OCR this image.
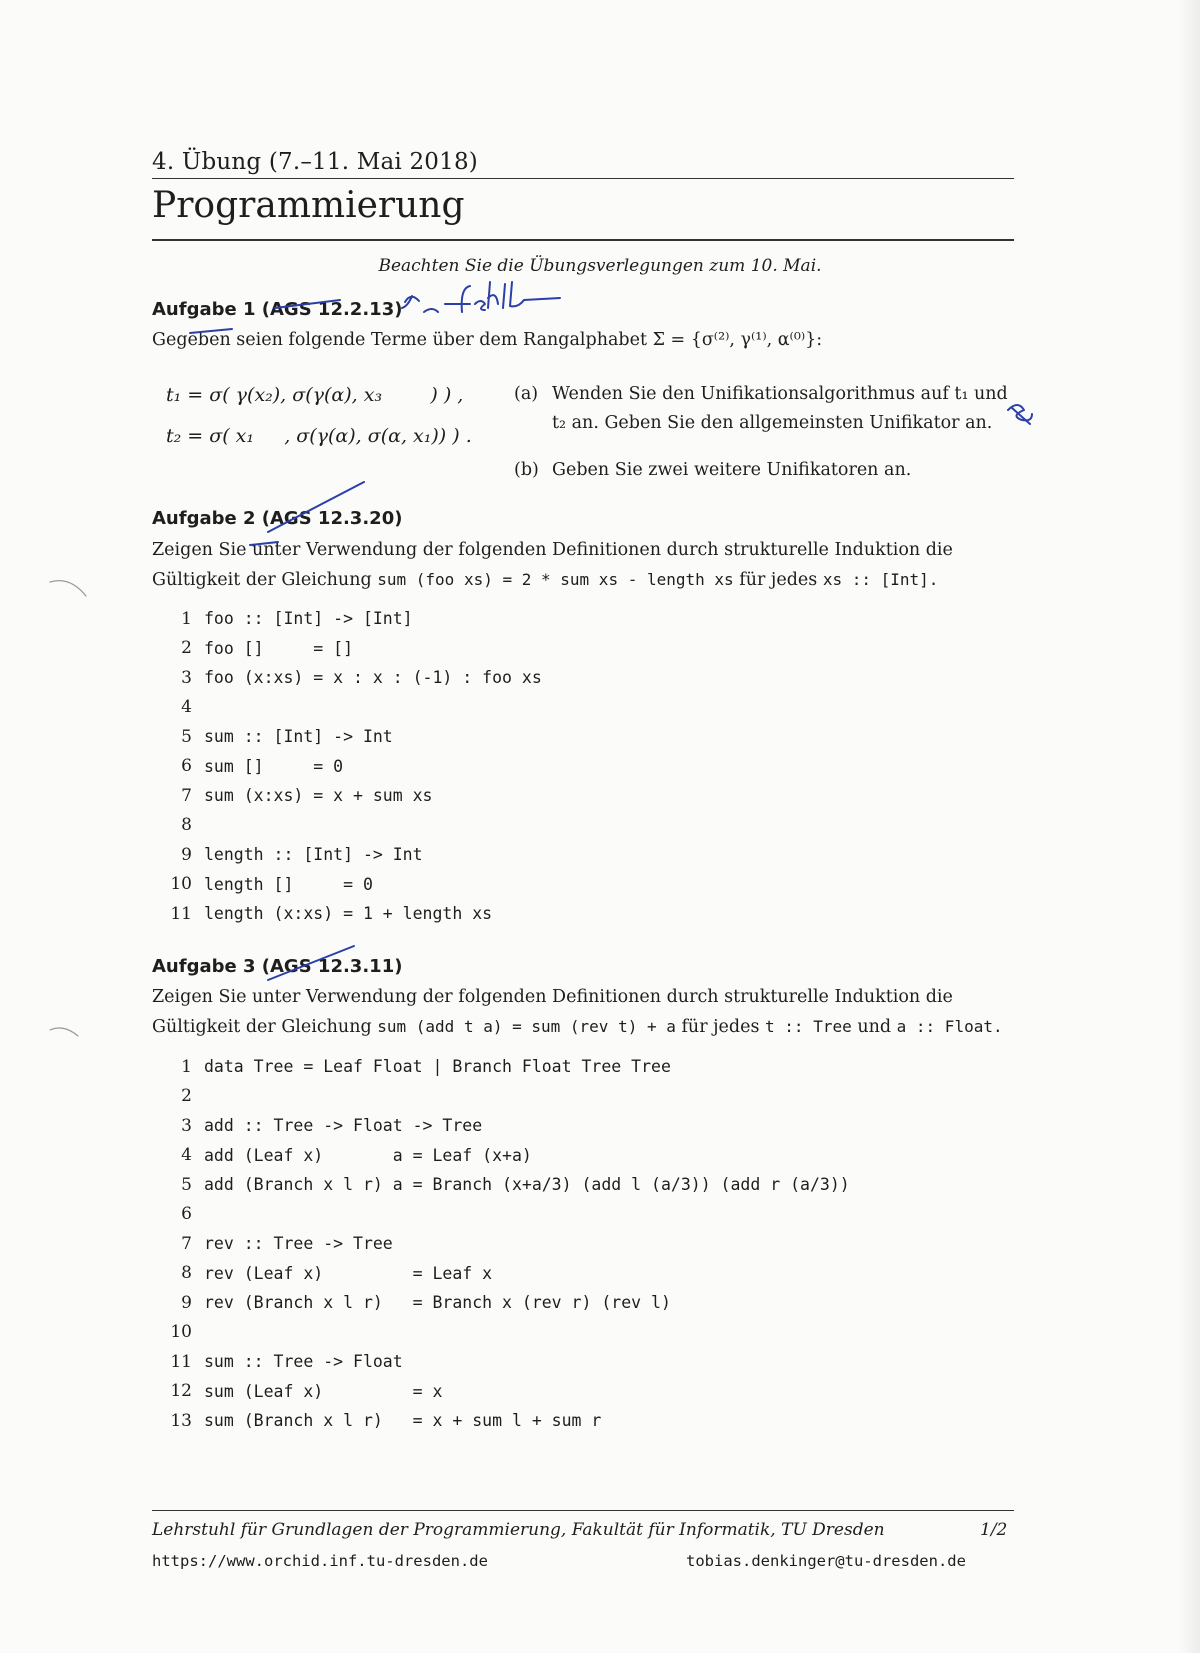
4. Übung (7.–11. Mai 2018)
Programmierung
Beachten Sie die Übungsverlegungen zum 10. Mai.
Aufgabe 1 (AGS 12.2.13)
Gegeben seien folgende Terme über dem Rangalphabet Σ = {σ⁽²⁾, γ⁽¹⁾, α⁽⁰⁾}:
t₁ = σ( γ(x₂), σ(γ(α), x₃        ) ) ,
t₂ = σ( x₁     , σ(γ(α), σ(α, x₁)) ) .
(a) Wenden Sie den Unifikationsalgorithmus auf t₁ und t₂ an. Geben Sie den allgemeinsten Unifikator an.
(b) Geben Sie zwei weitere Unifikatoren an.
Aufgabe 2 (AGS 12.3.20)
Zeigen Sie unter Verwendung der folgenden Definitionen durch strukturelle Induktion die Gültigkeit der Gleichung sum (foo xs) = 2 * sum xs - length xs für jedes xs :: [Int].
1 foo :: [Int] -> [Int]
2 foo []     = []
3 foo (x:xs) = x : x : (-1) : foo xs
4
5 sum :: [Int] -> Int
6 sum []     = 0
7 sum (x:xs) = x + sum xs
8
9 length :: [Int] -> Int
10 length []     = 0
11 length (x:xs) = 1 + length xs
Aufgabe 3 (AGS 12.3.11)
Zeigen Sie unter Verwendung der folgenden Definitionen durch strukturelle Induktion die Gültigkeit der Gleichung sum (add t a) = sum (rev t) + a für jedes t :: Tree und a :: Float.
1 data Tree = Leaf Float | Branch Float Tree Tree
2
3 add :: Tree -> Float -> Tree
4 add (Leaf x)       a = Leaf (x+a)
5 add (Branch x l r) a = Branch (x+a/3) (add l (a/3)) (add r (a/3))
6
7 rev :: Tree -> Tree
8 rev (Leaf x)         = Leaf x
9 rev (Branch x l r)   = Branch x (rev r) (rev l)
10
11 sum :: Tree -> Float
12 sum (Leaf x)         = x
13 sum (Branch x l r)   = x + sum l + sum r
Lehrstuhl für Grundlagen der Programmierung, Fakultät für Informatik, TU Dresden	1/2
https://www.orchid.inf.tu-dresden.de	tobias.denkinger@tu-dresden.de
